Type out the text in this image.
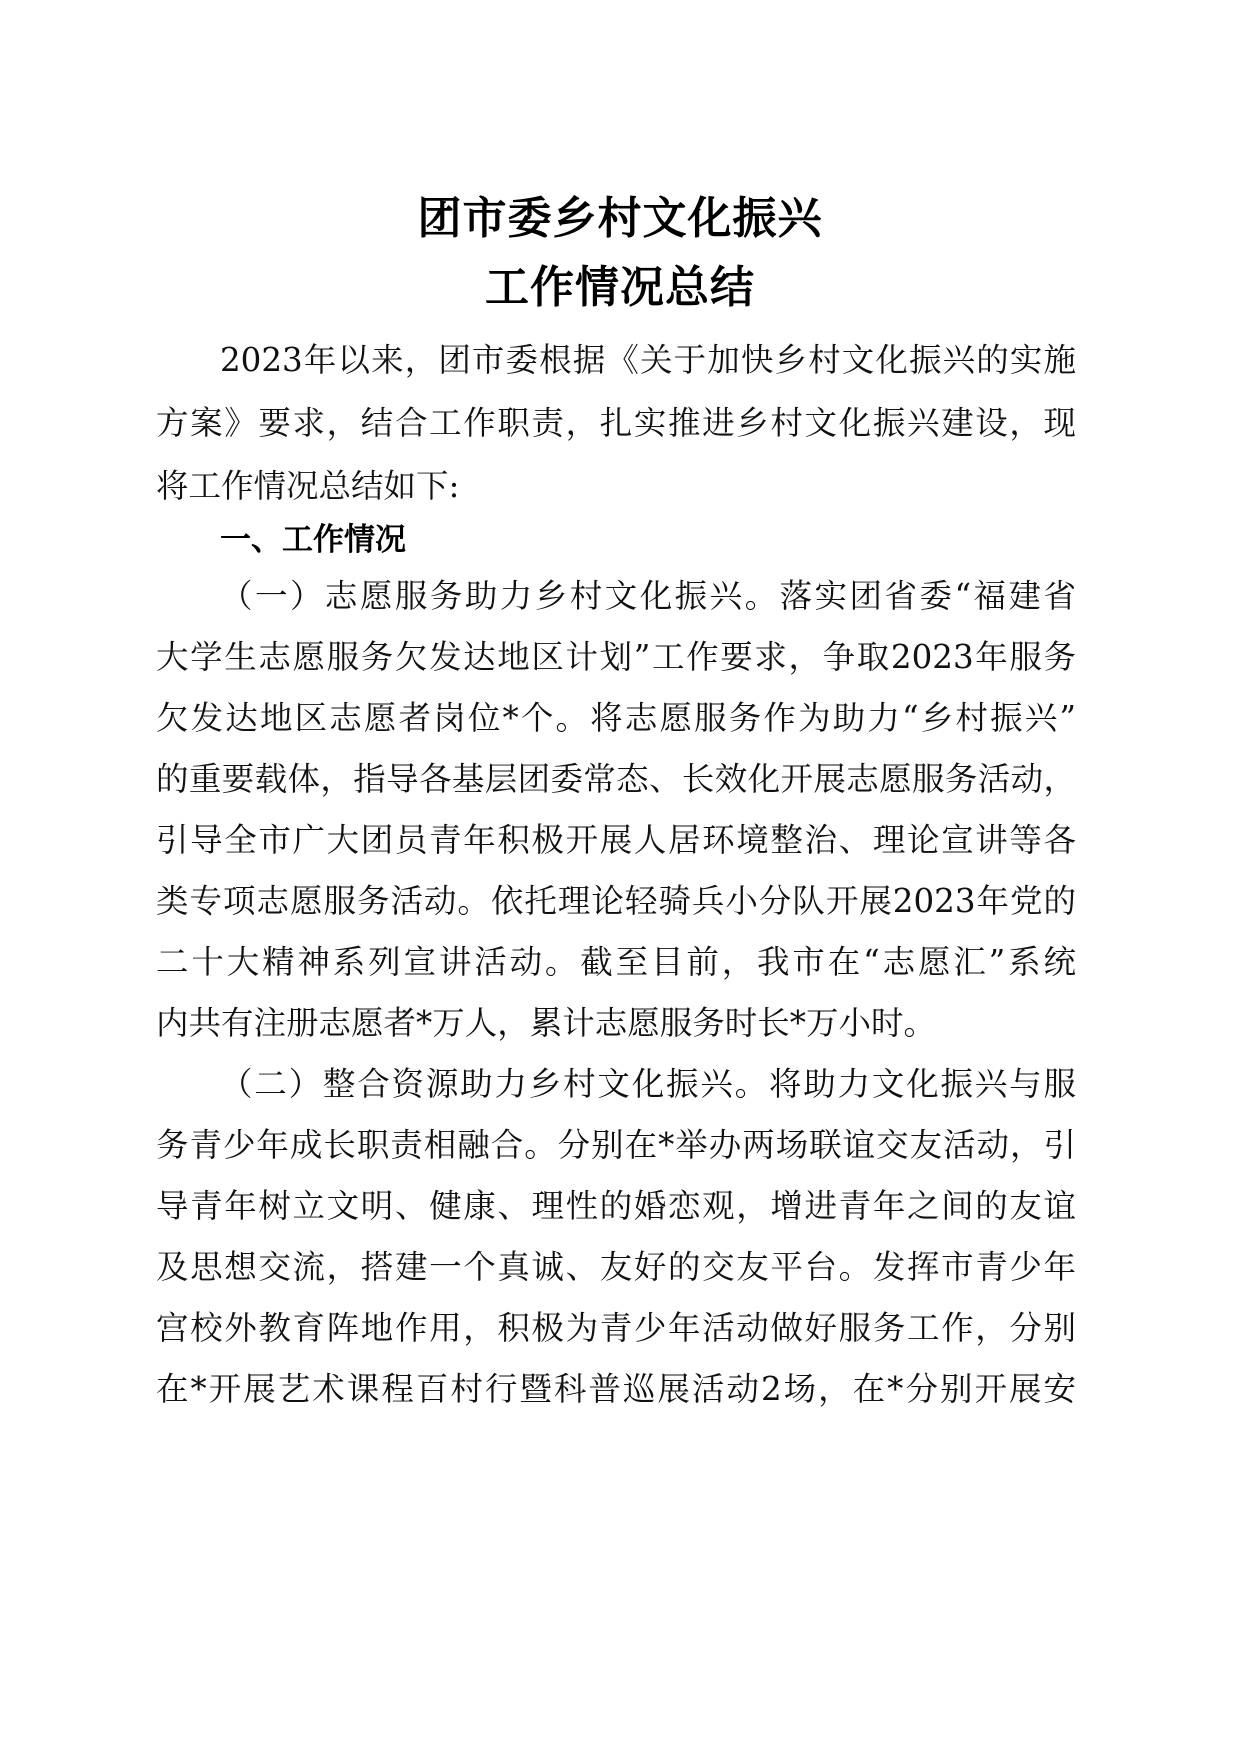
团市委乡村文化振兴
工作情况总结
2023年以来，团市委根据《关于加快乡村文化振兴的实施
方案》要求，结合工作职责，扎实推进乡村文化振兴建设，现
将工作情况总结如下:
一、工作情况
（一）志愿服务助力乡村文化振兴。落实团省委“福建省
大学生志愿服务欠发达地区计划”工作要求，争取2023年服务
欠发达地区志愿者岗位*个。将志愿服务作为助力“乡村振兴”
的重要载体，指导各基层团委常态、长效化开展志愿服务活动，
引导全市广大团员青年积极开展人居环境整治、理论宣讲等各
类专项志愿服务活动。依托理论轻骑兵小分队开展2023年党的
二十大精神系列宣讲活动。截至目前，我市在“志愿汇”系统
内共有注册志愿者*万人，累计志愿服务时长*万小时。
（二）整合资源助力乡村文化振兴。将助力文化振兴与服
务青少年成长职责相融合。分别在*举办两场联谊交友活动，引
导青年树立文明、健康、理性的婚恋观，增进青年之间的友谊
及思想交流，搭建一个真诚、友好的交友平台。发挥市青少年
宫校外教育阵地作用，积极为青少年活动做好服务工作，分别
在*开展艺术课程百村行暨科普巡展活动2场，在*分别开展安
